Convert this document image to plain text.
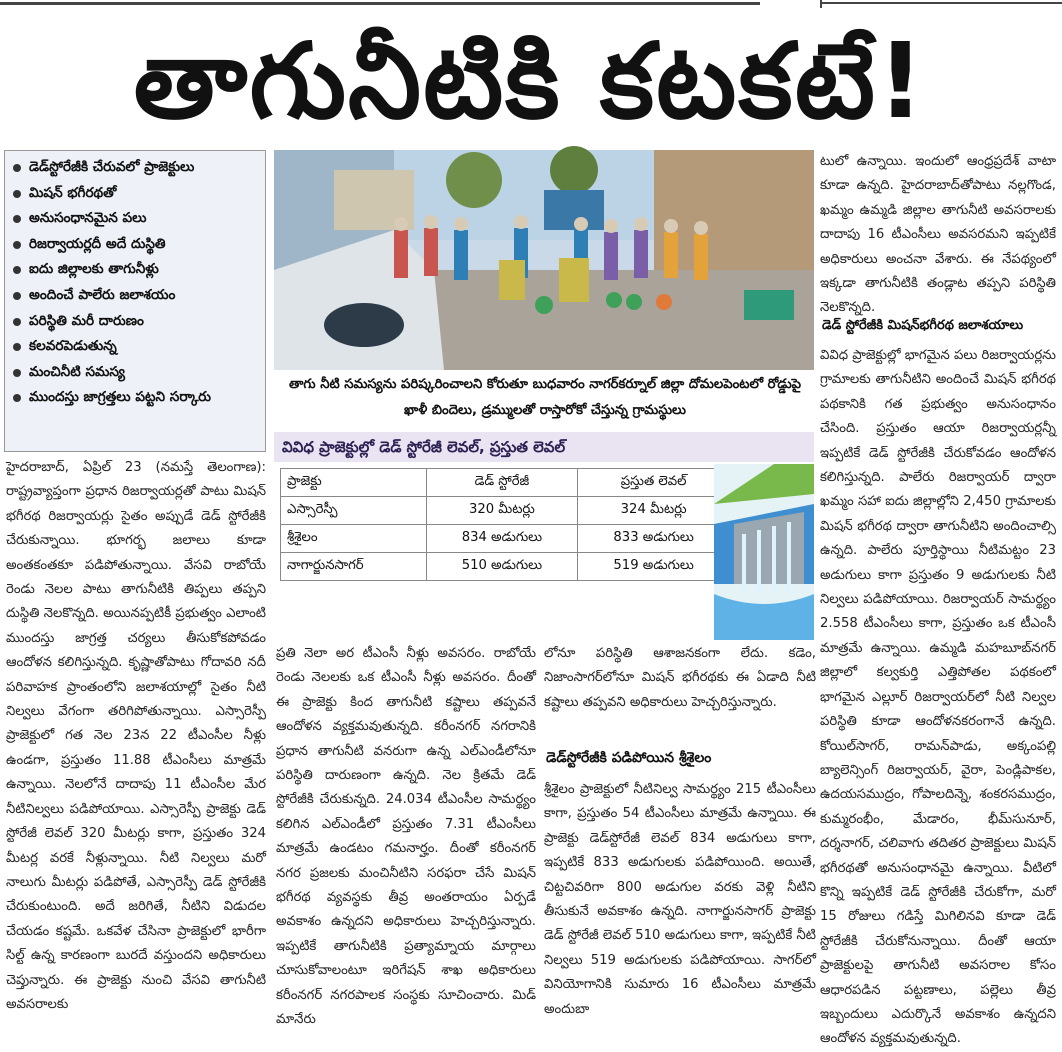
తాగునీటికి కటకటే!
డెడ్‌స్టోరేజీకి చేరువలో ప్రాజెక్టులు
మిషన్ భగీరథతో
అనుసంధానమైన పలు
రిజర్వాయర్లదీ అదే దుస్థితి
ఐదు జిల్లాలకు తాగునీళ్లు
అందించే పాలేరు జలాశయం
పరిస్థితి మరీ దారుణం
కలవరపెడుతున్న
మంచినీటి సమస్య
ముందస్తు జాగ్రత్తలు పట్టని సర్కారు
తాగు నీటి సమస్యను పరిష్కరించాలని కోరుతూ బుధవారం నాగర్‌కర్నూల్ జిల్లా దోమలపెంటలో రోడ్డుపై ఖాళీ బిందెలు, డ్రమ్ములతో రాస్తారోకో చేస్తున్న గ్రామస్థులు
వివిధ ప్రాజెక్టుల్లో డెడ్ స్టోరేజీ లెవల్, ప్రస్తుత లెవల్
ప్రాజెక్టు	డెడ్ స్టోరేజీ	ప్రస్తుత లెవల్
ఎస్సారెస్పీ	320 మీటర్లు	324 మీటర్లు
శ్రీశైలం	834 అడుగులు	833 అడుగులు
నాగార్జునసాగర్	510 అడుగులు	519 అడుగులు

హైదరాబాద్, ఏప్రిల్ 23 (నమస్తే తెలంగాణ): రాష్ట్రవ్యాప్తంగా ప్రధాన రిజర్వాయర్లతో పాటు మిషన్ భగీరథ రిజర్వాయర్లు సైతం అప్పుడే డెడ్ స్టోరేజీకి చేరుకున్నాయి. భూగర్భ జలాలు కూడా అంతకంతకూ పడిపోతున్నాయి. వేసవి రాబోయే రెండు నెలల పాటు తాగునీటికి తిప్పలు తప్పని దుస్థితి నెలకొన్నది. అయినప్పటికీ ప్రభుత్వం ఎలాంటి ముందస్తు జాగ్రత్త చర్యలు తీసుకోకపోవడం ఆందోళన కలిగిస్తున్నది. కృష్ణాతోపాటు గోదావరి నదీ పరివాహక ప్రాంతంలోని జలాశయాల్లో సైతం నీటి నిల్వలు వేగంగా తరిగిపోతున్నాయి. ఎస్సారెస్పీ ప్రాజెక్టులో గత నెల 23న 22 టీఎంసీల నీళ్లు ఉండగా, ప్రస్తుతం 11.88 టీఎంసీలు మాత్రమే ఉన్నాయి. నెలలోనే దాదాపు 11 టీఎంసీల మేర నీటినిల్వలు పడిపోయాయి. ఎస్సారెస్పీ ప్రాజెక్టు డెడ్ స్టోరేజీ లెవల్ 320 మీటర్లు కాగా, ప్రస్తుతం 324 మీటర్ల వరకే నీళ్లున్నాయి. నీటి నిల్వలు మరో నాలుగు మీటర్లు పడిపోతే, ఎస్సారెస్పీ డెడ్ స్టోరేజీకి చేరుకుంటుంది. అదే జరిగితే, నీటిని విడుదల చేయడం కష్టమే. ఒకవేళ చేసినా ప్రాజెక్టులో భారీగా సిల్ట్ ఉన్న కారణంగా బురదే వస్తుందని అధికారులు చెప్తున్నారు. ఈ ప్రాజెక్టు నుంచి వేసవి తాగునీటి అవసరాలకు

ప్రతి నెలా అర టీఎంసీ నీళ్లు అవసరం. రాబోయే రెండు నెలలకు ఒక టీఎంసీ నీళ్లు అవసరం. దీంతో ఈ ప్రాజెక్టు కింద తాగునీటి కష్టాలు తప్పవనే ఆందోళన వ్యక్తమవుతున్నది. కరీంనగర్ నగరానికి ప్రధాన తాగునీటి వనరుగా ఉన్న ఎల్‌ఎండీలోనూ పరిస్థితి దారుణంగా ఉన్నది. నెల క్రితమే డెడ్ స్టోరేజీకి చేరుకున్నది. 24.034 టీఎంసీల సామర్థ్యం కలిగిన ఎల్‌ఎండీలో ప్రస్తుతం 7.31 టీఎంసీలు మాత్రమే ఉండటం గమనార్హం. దీంతో కరీంనగర్ నగర ప్రజలకు మంచినీటిని సరఫరా చేసే మిషన్ భగీరథ వ్యవస్థకు తీవ్ర అంతరాయం ఏర్పడే అవకాశం ఉన్నదని అధికారులు హెచ్చరిస్తున్నారు. ఇప్పటికే తాగునీటికి ప్రత్యామ్నాయ మార్గాలు చూసుకోవాలంటూ ఇరిగేషన్ శాఖ అధికారులు కరీంనగర్ నగరపాలక సంస్థకు సూచించారు. మిడ్ మానేరు

లోనూ పరిస్థితి ఆశాజనకంగా లేదు. కడెం, నిజాంసాగర్‌లోనూ మిషన్ భగీరథకు ఈ ఏడాది నీటి కష్టాలు తప్పవని అధికారులు హెచ్చరిస్తున్నారు.

డెడ్‌స్టోరేజీకి పడిపోయిన శ్రీశైలం

శ్రీశైలం ప్రాజెక్టులో నీటినిల్వ సామర్థ్యం 215 టీఎంసీలు కాగా, ప్రస్తుతం 54 టీఎంసీలు మాత్రమే ఉన్నాయి. ఈ ప్రాజెక్టు డెడ్‌స్టోరేజీ లెవల్ 834 అడుగులు కాగా, ఇప్పటికే 833 అడుగులకు పడిపోయింది. అయితే, చిట్టచివరిగా 800 అడుగుల వరకు వెళ్లి నీటిని తీసుకునే అవకాశం ఉన్నది. నాగార్జునసాగర్ ప్రాజెక్టు డెడ్ స్టోరేజీ లెవల్ 510 అడుగులు కాగా, ఇప్పటికే నీటి నిల్వలు 519 అడుగులకు పడిపోయాయి. సాగర్‌లో వినియోగానికి సుమారు 16 టీఎంసీలు మాత్రమే అందుబా

టులో ఉన్నాయి. ఇందులో ఆంధ్రప్రదేశ్ వాటా కూడా ఉన్నది. హైదరాబాద్‌తోపాటు నల్లగొండ, ఖమ్మం ఉమ్మడి జిల్లాల తాగునీటి అవసరాలకు దాదాపు 16 టీఎంసీలు అవసరమని ఇప్పటికే అధికారులు అంచనా వేశారు. ఈ నేపథ్యంలో ఇక్కడా తాగునీటికి తండ్లాట తప్పని పరిస్థితి నెలకొన్నది.

డెడ్ స్టోరేజీకి మిషన్‌భగీరథ జలాశయాలు

వివిధ ప్రాజెక్టుల్లో భాగమైన పలు రిజర్వాయర్లను గ్రామాలకు తాగునీటిని అందించే మిషన్ భగీరథ పథకానికి గత ప్రభుత్వం అనుసంధానం చేసింది. ప్రస్తుతం ఆయా రిజర్వాయర్లన్నీ ఇప్పటికే డెడ్ స్టోరేజీకి చేరుకోవడం ఆందోళన కలిగిస్తున్నది. పాలేరు రిజర్వాయర్ ద్వారా ఖమ్మం సహా ఐదు జిల్లాల్లోని 2,450 గ్రామాలకు మిషన్ భగీరథ ద్వారా తాగునీటిని అందించాల్సి ఉన్నది. పాలేరు పూర్తిస్థాయి నీటిమట్టం 23 అడుగులు కాగా ప్రస్తుతం 9 అడుగులకు నీటి నిల్వలు పడిపోయాయి. రిజర్వాయర్ సామర్థ్యం 2.558 టీఎంసీలు కాగా, ప్రస్తుతం ఒక టీఎంసీ మాత్రమే ఉన్నాయి. ఉమ్మడి మహబూబ్‌నగర్ జిల్లాలో కల్వకుర్తి ఎత్తిపోతల పథకంలో భాగమైన ఎల్లూర్ రిజర్వాయర్‌లో నీటి నిల్వల పరిస్థితి కూడా ఆందోళనకరంగానే ఉన్నది. కోయిల్‌సాగర్, రామన్‌పాడు, అక్కంపల్లి బ్యాలెన్సింగ్ రిజర్వాయర్, వైరా, పెండ్లిపాకల, ఉదయసముద్రం, గోపాలదిన్నె, శంకరసముద్రం, కుమ్మరంభీం, మేడారం, భీమ్‌సునూర్, దర్శనాగర్, చలివాగు తదితర ప్రాజెక్టులు మిషన్ భగీరథతో అనుసంధానమై ఉన్నాయి. వీటిలో కొన్ని ఇప్పటికే డెడ్ స్టోరేజీకి చేరుకోగా, మరో 15 రోజులు గడిస్తే మిగిలినవి కూడా డెడ్ స్టోరేజీకి చేరుకోనున్నాయి. దీంతో ఆయా ప్రాజెక్టులపై తాగునీటి అవసరాల కోసం ఆధారపడిన పట్టణాలు, పల్లెలు తీవ్ర ఇబ్బందులు ఎదుర్కొనే అవకాశం ఉన్నదని ఆందోళన వ్యక్తమవుతున్నది.
